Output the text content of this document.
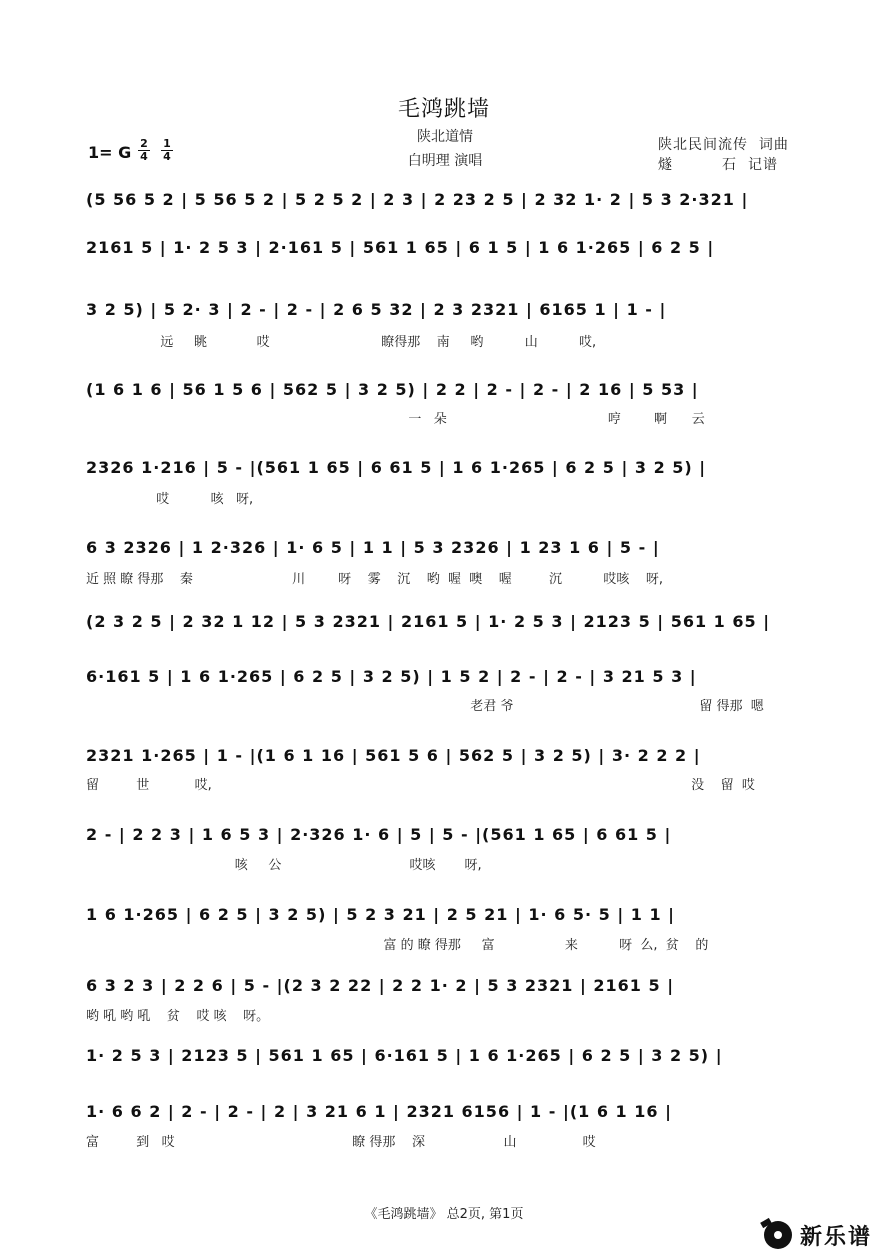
毛鸿跳墙
陕北道情
白明理 演唱
陕北民间流传  词曲
燧         石  记谱
1= G 2
4
1
4
(5 56 5 2 | 5 56 5 2 | 5 2 5 2 | 2 3 | 2 23 2 5 | 2 32 1· 2 | 5 3 2·321 |
2161 5 | 1· 2 5 3 | 2·161 5 | 561 1 65 | 6 1 5 | 1 6 1·265 | 6 2 5 |
3 2 5) | 5 2· 3 | 2 - | 2 - | 2 6 5 32 | 2 3 2321 | 6165 1 | 1 - |
远     眺            哎                           瞭得那    南     哟          山          哎,
(1 6 1 6 | 56 1 5 6 | 562 5 | 3 2 5) | 2 2 | 2 - | 2 - | 2 16 | 5 53 |
一   朵                                       哼        啊      云
2326 1·216 | 5 - |(561 1 65 | 6 61 5 | 1 6 1·265 | 6 2 5 | 3 2 5) |
哎          咳   呀,
6 3 2326 | 1 2·326 | 1· 6 5 | 1 1 | 5 3 2326 | 1 23 1 6 | 5 - |
近 照 瞭 得那    秦                        川        呀    雾    沉    哟  喔  噢    喔         沉          哎咳    呀,
(2 3 2 5 | 2 32 1 12 | 5 3 2321 | 2161 5 | 1· 2 5 3 | 2123 5 | 561 1 65 |
6·161 5 | 1 6 1·265 | 6 2 5 | 3 2 5) | 1 5 2 | 2 - | 2 - | 3 21 5 3 |
老君 爷                                             留 得那  嗯
2321 1·265 | 1 - |(1 6 1 16 | 561 5 6 | 562 5 | 3 2 5) | 3· 2 2 2 |
留         世           哎,                                                                                                                    没    留  哎
2 - | 2 2 3 | 1 6 5 3 | 2·326 1· 6 | 5 | 5 - |(561 1 65 | 6 61 5 |
咳     公                               哎咳       呀,
1 6 1·265 | 6 2 5 | 3 2 5) | 5 2 3 21 | 2 5 21 | 1· 6 5· 5 | 1 1 |
富 的 瞭 得那     富                 来          呀  么,  贫    的
6 3 2 3 | 2 2 6 | 5 - |(2 3 2 22 | 2 2 1· 2 | 5 3 2321 | 2161 5 |
哟 吼 哟 吼    贫    哎 咳    呀。
1· 2 5 3 | 2123 5 | 561 1 65 | 6·161 5 | 1 6 1·265 | 6 2 5 | 3 2 5) |
1· 6 6 2 | 2 - | 2 - | 2 | 3 21 6 1 | 2321 6156 | 1 - |(1 6 1 16 |
富         到   哎                                           瞭 得那    深                   山                哎
《毛鸿跳墙》 总2页, 第1页
新乐谱
